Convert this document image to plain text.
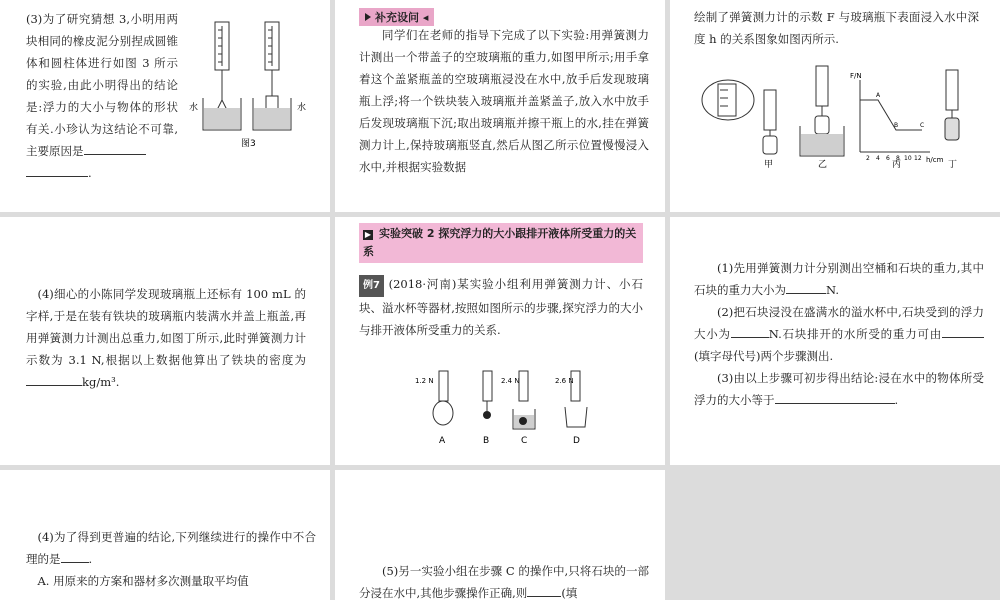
(3)为了研究猜想 3,小明用两块相同的橡皮泥分别捏成圆锥体和圆柱体进行如图 3 所示的实验,由此小明得出的结论是:浮力的大小与物体的形状有关.小珍认为这结论不可靠,主要原因是
.

水	水
图3
补充设问 ◂

同学们在老师的指导下完成了以下实验:用弹簧测力计测出一个带盖子的空玻璃瓶的重力,如图甲所示;用手拿着这个盖紧瓶盖的空玻璃瓶浸没在水中,放手后发现玻璃瓶上浮;将一个铁块装入玻璃瓶并盖紧盖子,放入水中放手后发现玻璃瓶下沉;取出玻璃瓶并擦干瓶上的水,挂在弹簧测力计上,保持玻璃瓶竖直,然后从图乙所示位置慢慢浸入水中,并根据实验数据

绘制了弹簧测力计的示数 F 与玻璃瓶下表面浸入水中深度 h 的关系图象如图丙所示.

甲	乙
F/N
h/cm
2 4 6 8 10 12
A
B	C
丙	丁

(4)细心的小陈同学发现玻璃瓶上还标有 100 mL 的字样,于是在装有铁块的玻璃瓶内装满水并盖上瓶盖,再用弹簧测力计测出总重力,如图丁所示,此时弹簧测力计示数为 3.1 N,根据以上数据他算出了铁块的密度为kg/m³.

▶ 实验突破 2 探究浮力的大小跟排开液体所受重力的关系

例7 (2018·河南)某实验小组利用弹簧测力计、小石块、溢水杯等器材,按照如图所示的步骤,探究浮力的大小与排开液体所受重力的关系.

1.2 N	2.4 N	2.6 N
A	B	C	D

(1)先用弹簧测力计分别测出空桶和石块的重力,其中石块的重力大小为	N.

(2)把石块浸没在盛满水的溢水杯中,石块受到的浮力大小为	N.石块排开的水所受的重力可由(填字母代号)两个步骤测出.

(3)由以上步骤可初步得出结论:浸在水中的物体所受浮力的大小等于	.

(4)为了得到更普遍的结论,下列继续进行的操作中不合理的是 .

A. 用原来的方案和器材多次测量取平均值

(5)另一实验小组在步骤 C 的操作中,只将石块的一部分浸在水中,其他步骤操作正确,则	(填
